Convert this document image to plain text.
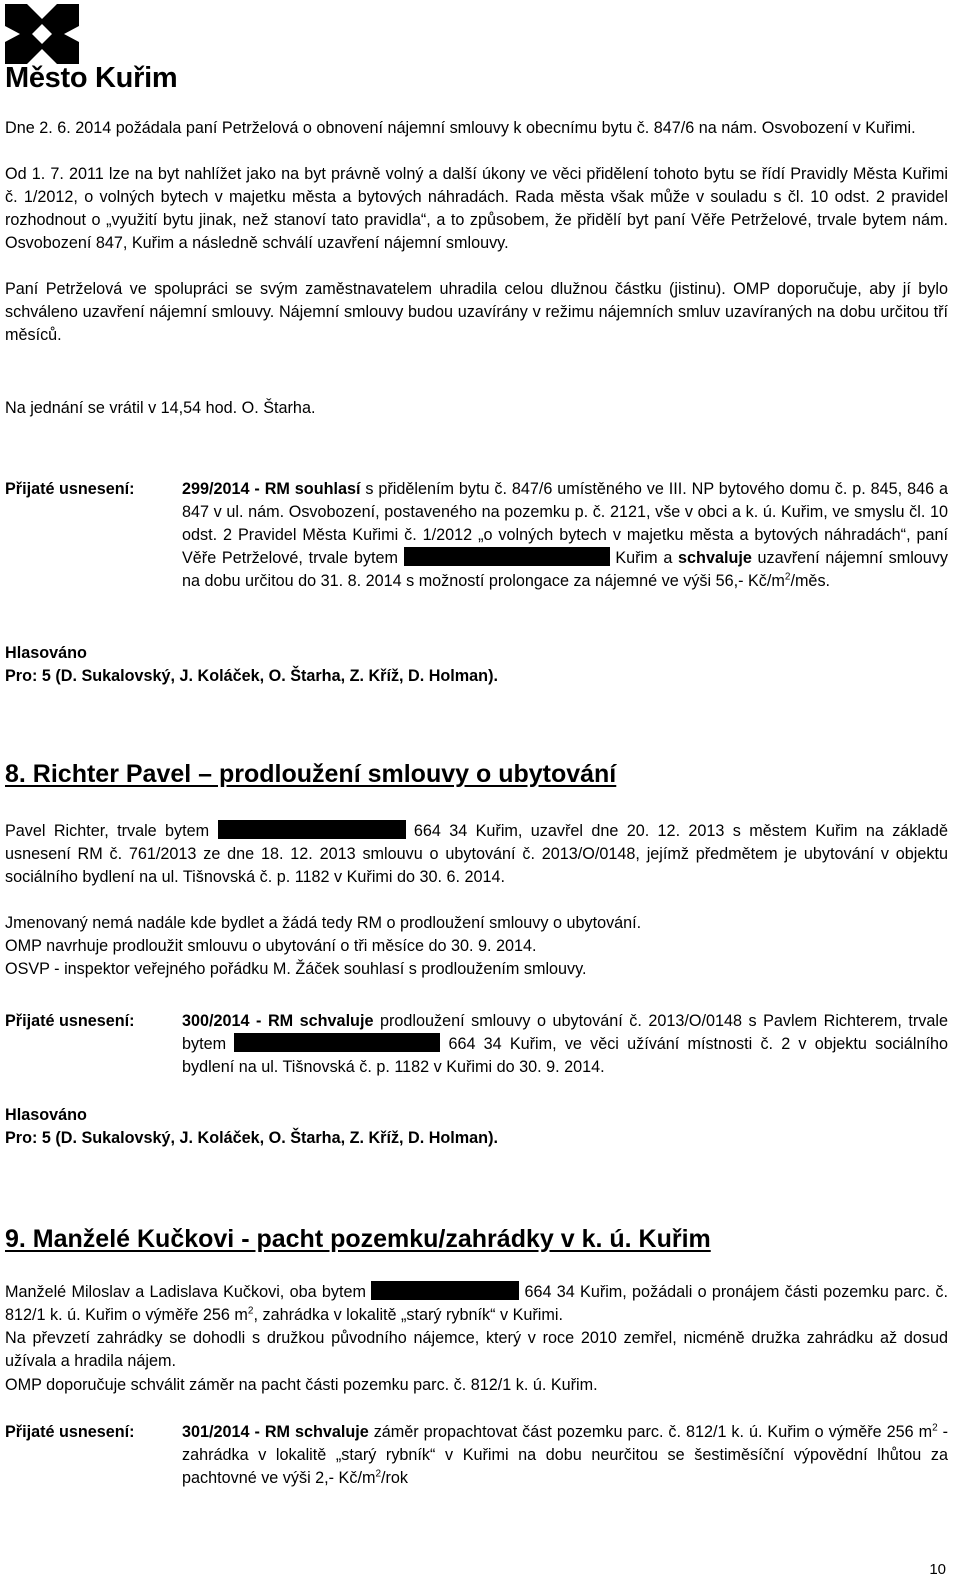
Město Kuřim
Dne 2. 6. 2014 požádala paní Petrželová o obnovení nájemní smlouvy k obecnímu bytu č. 847/6 na nám. Osvobození v Kuřimi.
Od 1. 7. 2011 lze na byt nahlížet jako na byt právně volný a další úkony ve věci přidělení tohoto bytu se řídí Pravidly Města Kuřimi č. 1/2012, o volných bytech v majetku města a bytových náhradách. Rada města však může v souladu s čl. 10 odst. 2 pravidel rozhodnout o „využití bytu jinak, než stanoví tato pravidla“, a to způsobem, že přidělí byt paní Věře Petrželové, trvale bytem nám. Osvobození 847, Kuřim a následně schválí uzavření nájemní smlouvy.
Paní Petrželová ve spolupráci se svým zaměstnavatelem uhradila celou dlužnou částku (jistinu). OMP doporučuje, aby jí bylo schváleno uzavření nájemní smlouvy. Nájemní smlouvy budou uzavírány v režimu nájemních smluv uzavíraných na dobu určitou tří měsíců.
Na jednání se vrátil v 14,54 hod. O. Štarha.
Přijaté usnesení:	299/2014 - RM souhlasí s přidělením bytu č. 847/6 umístěného ve III. NP bytového domu č. p. 845, 846 a 847 v ul. nám. Osvobození, postaveného na pozemku p. č. 2121, vše v obci a k. ú. Kuřim, ve smyslu čl. 10 odst. 2 Pravidel Města Kuřimi č. 1/2012 „o volných bytech v majetku města a bytových náhradách“, paní Věře Petrželové, trvale bytem	Kuřim a schvaluje uzavření nájemní smlouvy na dobu určitou do 31. 8. 2014 s možností prolongace za nájemné ve výši 56,- $Kč/m^2$/měs.
Hlasováno
Pro: 5 (D. Sukalovský, J. Koláček, O. Štarha, Z. Kříž, D. Holman).
8. Richter Pavel – prodloužení smlouvy o ubytování
Pavel Richter, trvale bytem	664 34 Kuřim, uzavřel dne 20. 12. 2013 s městem Kuřim na základě usnesení RM č. 761/2013 ze dne 18. 12. 2013 smlouvu o ubytování č. 2013/O/0148, jejímž předmětem je ubytování v objektu sociálního bydlení na ul. Tišnovská č. p. 1182 v Kuřimi do 30. 6. 2014.
Jmenovaný nemá nadále kde bydlet a žádá tedy RM o prodloužení smlouvy o ubytování.
OMP navrhuje prodloužit smlouvu o ubytování o tři měsíce do 30. 9. 2014.
OSVP - inspektor veřejného pořádku M. Žáček souhlasí s prodloužením smlouvy.
Přijaté usnesení:	300/2014 - RM schvaluje prodloužení smlouvy o ubytování č. 2013/O/0148 s Pavlem Richterem, trvale bytem	664 34 Kuřim, ve věci užívání místnosti č. 2 v objektu sociálního bydlení na ul. Tišnovská č. p. 1182 v Kuřimi do 30. 9. 2014.
Hlasováno
Pro: 5 (D. Sukalovský, J. Koláček, O. Štarha, Z. Kříž, D. Holman).
9. Manželé Kučkovi - pacht pozemku/zahrádky v k. ú. Kuřim
Manželé Miloslav a Ladislava Kučkovi, oba bytem	664 34 Kuřim, požádali o pronájem části pozemku parc. č. 812/1 k. ú. Kuřim o výměře 256 $m^2$, zahrádka v lokalitě „starý rybník“ v Kuřimi.
Na převzetí zahrádky se dohodli s družkou původního nájemce, který v roce 2010 zemřel, nicméně družka zahrádku až dosud užívala a hradila nájem.
OMP doporučuje schválit záměr na pacht části pozemku parc. č. 812/1 k. ú. Kuřim.
Přijaté usnesení:	301/2014 - RM schvaluje záměr propachtovat část pozemku parc. č. 812/1 k. ú. Kuřim o výměře 256 $m^2$ - zahrádka v lokalitě „starý rybník“ v Kuřimi na dobu neurčitou se šestiměsíční výpovědní lhůtou za pachtovné ve výši 2,- $Kč/m^2$/rok
10
